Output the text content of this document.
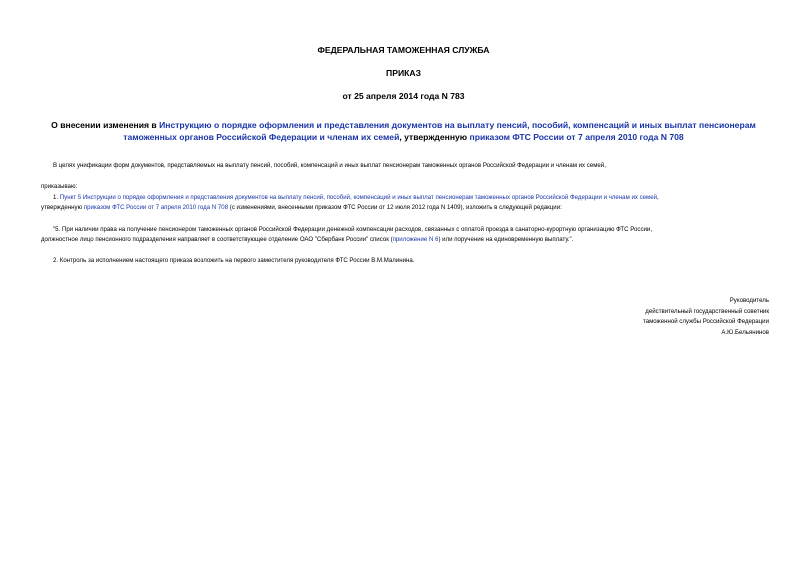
ФЕДЕРАЛЬНАЯ ТАМОЖЕННАЯ СЛУЖБА
ПРИКАЗ
от 25 апреля 2014 года N 783
О внесении изменения в Инструкцию о порядке оформления и представления документов на выплату пенсий, пособий, компенсаций и иных выплат пенсионерам
таможенных органов Российской Федерации и членам их семей, утвержденную приказом ФТС России от 7 апреля 2010 года N 708
В целях унификации форм документов, представляемых на выплату пенсий, пособий, компенсаций и иных выплат пенсионерам таможенных органов Российской Федерации и членам их семей,
приказываю:
1. Пункт 5 Инструкции о порядке оформления и представления документов на выплату пенсий, пособий, компенсаций и иных выплат пенсионерам таможенных органов Российской Федерации и членам их семей,
утвержденную приказом ФТС России от 7 апреля 2010 года N 708 (с изменениями, внесенными приказом ФТС России от 12 июля 2012 года N 1409), изложить в следующей редакции:
"5. При наличии права на получение пенсионером таможенных органов Российской Федерации денежной компенсации расходов, связанных с оплатой проезда в санаторно-курортную организацию ФТС России,
должностное лицо пенсионного подразделения направляет в соответствующее отделение ОАО "Сбербанк России" список (приложение N 6) или поручение на единовременную выплату.".
2. Контроль за исполнением настоящего приказа возложить на первого заместителя руководителя ФТС России В.М.Малинина.
Руководитель
действительный государственный советник
таможенной службы Российской Федерации
А.Ю.Бельянинов
